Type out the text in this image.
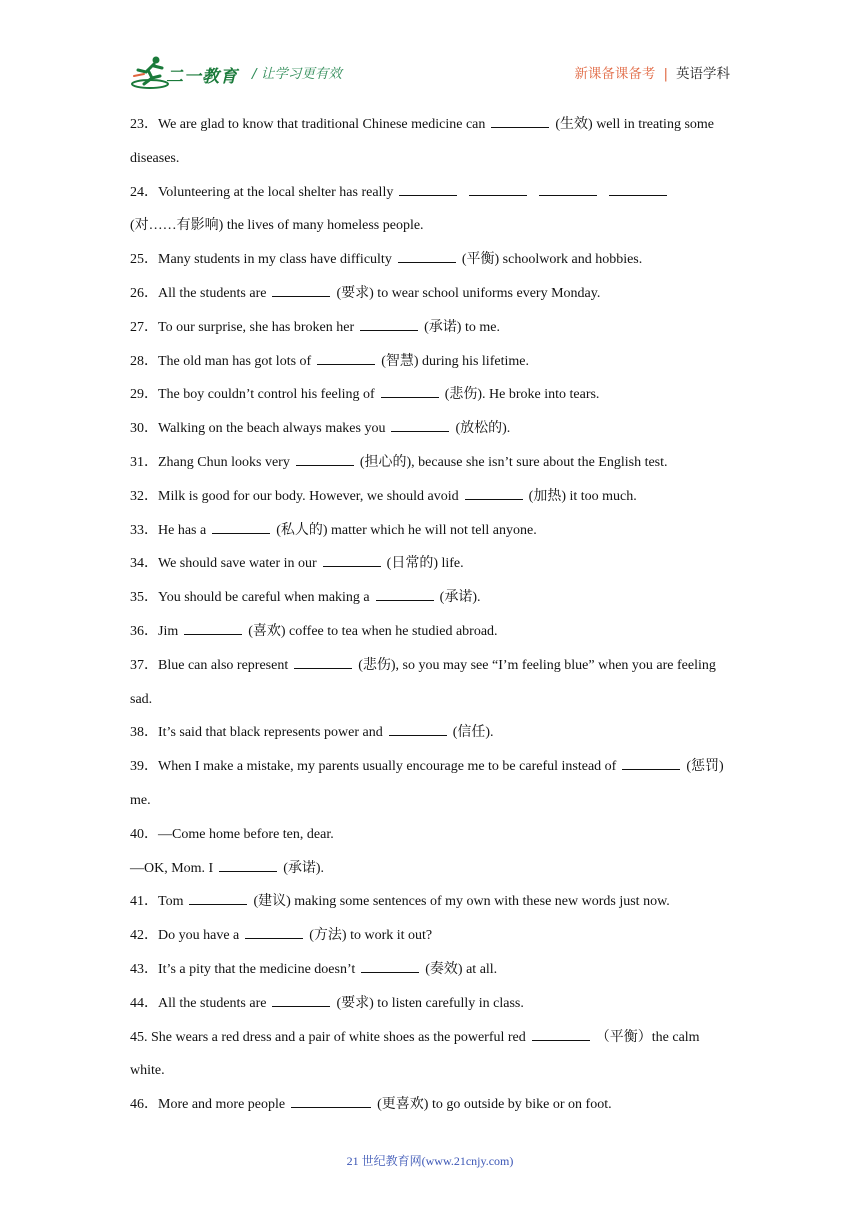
二一教育 / 让学习更有效	新课备课备考 | 英语学科
23．We are glad to know that traditional Chinese medicine can	(生效) well in treating some diseases.
24．Volunteering at the local shelter has really
(对……有影响) the lives of many homeless people.
25．Many students in my class have difficulty	(平衡) schoolwork and hobbies.
26．All the students are	(要求) to wear school uniforms every Monday.
27．To our surprise, she has broken her	(承诺) to me.
28．The old man has got lots of	(智慧) during his lifetime.
29．The boy couldn’t control his feeling of	(悲伤). He broke into tears.
30．Walking on the beach always makes you	(放松的).
31．Zhang Chun looks very	(担心的), because she isn’t sure about the English test.
32．Milk is good for our body. However, we should avoid	(加热) it too much.
33．He has a	(私人的) matter which he will not tell anyone.
34．We should save water in our	(日常的) life.
35．You should be careful when making a	(承诺).
36．Jim	(喜欢) coffee to tea when he studied abroad.
37．Blue can also represent	(悲伤), so you may see “I’m feeling blue” when you are feeling sad.
38．It’s said that black represents power and	(信任).
39．When I make a mistake, my parents usually encourage me to be careful instead of	(惩罚) me.
40．—Come home before ten, dear.
—OK, Mom. I	(承诺).
41．Tom	(建议) making some sentences of my own with these new words just now.
42．Do you have a	(方法) to work it out?
43．It’s a pity that the medicine doesn’t	(奏效) at all.
44．All the students are	(要求) to listen carefully in class.
45. She wears a red dress and a pair of white shoes as the powerful red	（平衡）the calm white.
46．More and more people	(更喜欢) to go outside by bike or on foot.
21 世纪教育网(www.21cnjy.com)
